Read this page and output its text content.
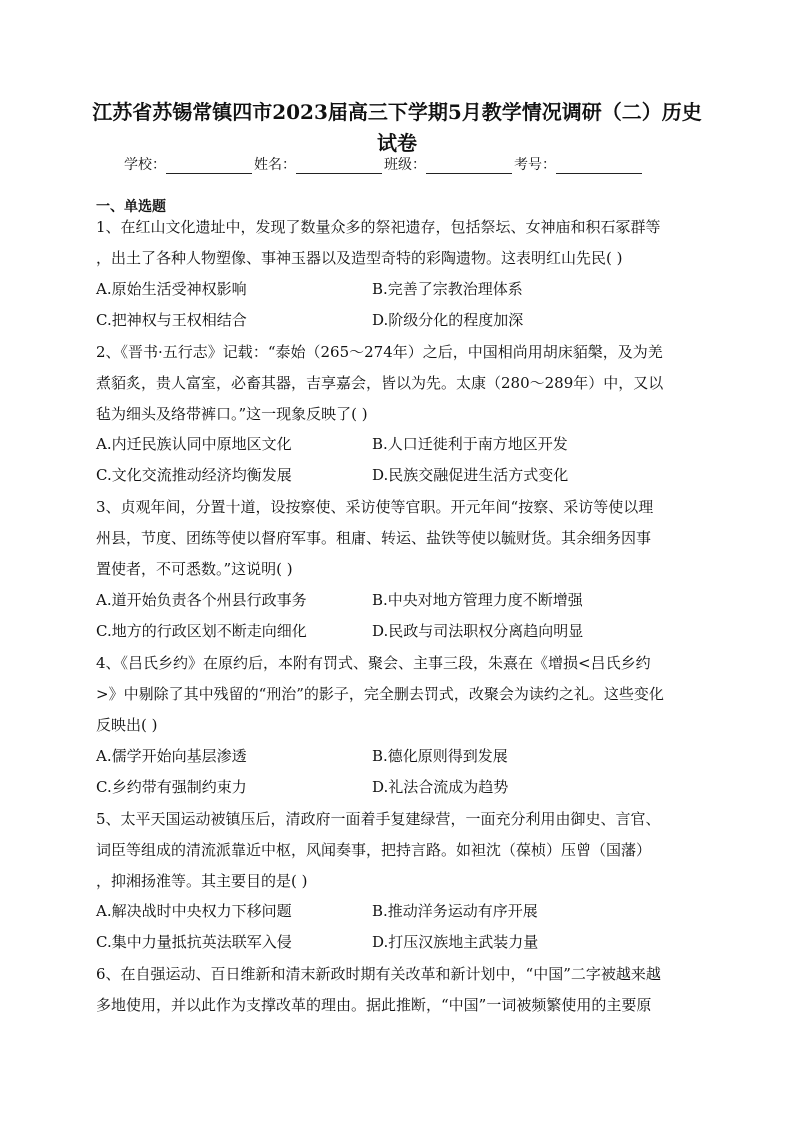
江苏省苏锡常镇四市2023届高三下学期5月教学情况调研（二）历史
试卷
学校：	姓名：	班级：	考号：
一、单选题
1、在红山文化遗址中，发现了数量众多的祭祀遗存，包括祭坛、女神庙和积石冢群等
，出土了各种人物塑像、事神玉器以及造型奇特的彩陶遗物。这表明红山先民( )
A.原始生活受神权影响	B.完善了宗教治理体系
C.把神权与王权相结合	D.阶级分化的程度加深
2、《晋书·五行志》记载：“泰始（265～274年）之后，中国相尚用胡床貊槃，及为羌
煮貊炙，贵人富室，必畜其器，吉享嘉会，皆以为先。太康（280～289年）中，又以
毡为细头及络带裤口。”这一现象反映了( )
A.内迁民族认同中原地区文化	B.人口迁徙利于南方地区开发
C.文化交流推动经济均衡发展	D.民族交融促进生活方式变化
3、贞观年间，分置十道，设按察使、采访使等官职。开元年间“按察、采访等使以理
州县，节度、团练等使以督府军事。租庸、转运、盐铁等使以毓财货。其余细务因事
置使者，不可悉数。”这说明( )
A.道开始负责各个州县行政事务	B.中央对地方管理力度不断增强
C.地方的行政区划不断走向细化	D.民政与司法职权分离趋向明显
4、《吕氏乡约》在原约后，本附有罚式、聚会、主事三段，朱熹在《增损<吕氏乡约
>》中剔除了其中残留的“刑治”的影子，完全删去罚式，改聚会为读约之礼。这些变化
反映出( )
A.儒学开始向基层渗透	B.德化原则得到发展
C.乡约带有强制约束力	D.礼法合流成为趋势
5、太平天国运动被镇压后，清政府一面着手复建绿营，一面充分利用由御史、言官、
词臣等组成的清流派靠近中枢，风闻奏事，把持言路。如袒沈（葆桢）压曾（国藩）
，抑湘扬淮等。其主要目的是( )
A.解决战时中央权力下移问题	B.推动洋务运动有序开展
C.集中力量抵抗英法联军入侵	D.打压汉族地主武装力量
6、在自强运动、百日维新和清末新政时期有关改革和新计划中，“中国”二字被越来越
多地使用，并以此作为支撑改革的理由。据此推断，“中国”一词被频繁使用的主要原
